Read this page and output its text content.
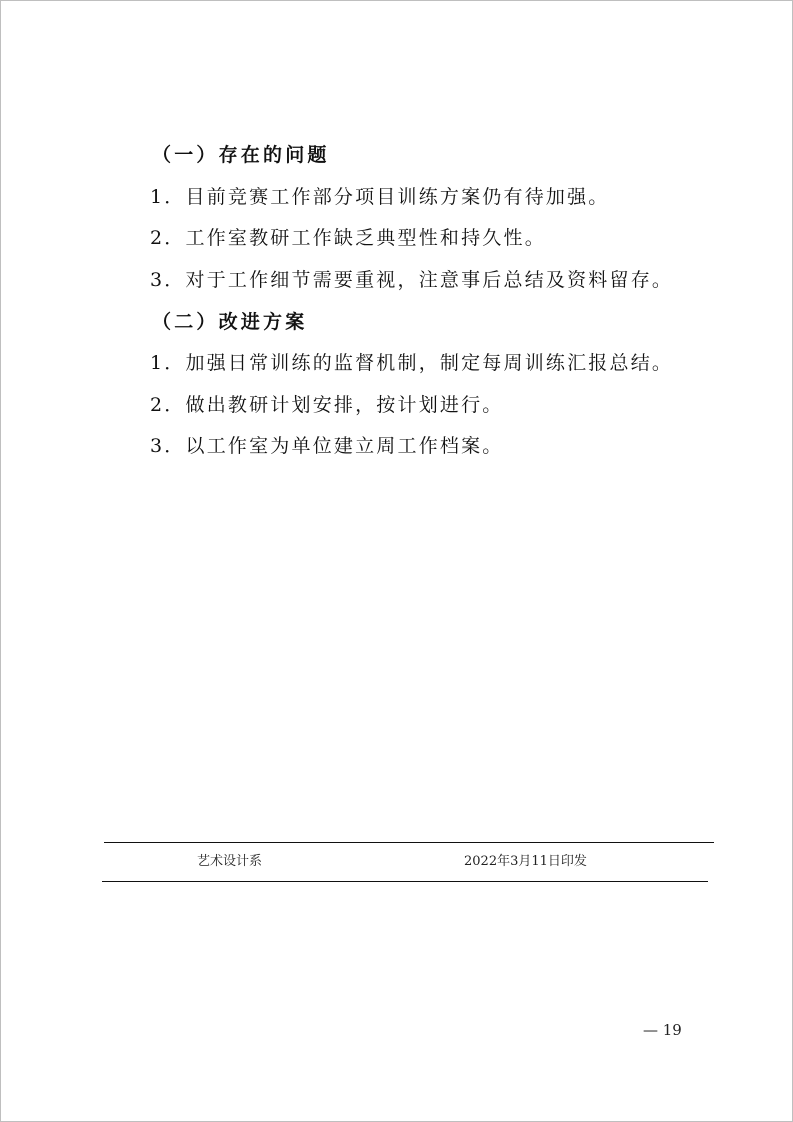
（一）存在的问题
1．目前竞赛工作部分项目训练方案仍有待加强。
2．工作室教研工作缺乏典型性和持久性。
3．对于工作细节需要重视，注意事后总结及资料留存。
（二）改进方案
1．加强日常训练的监督机制，制定每周训练汇报总结。
2．做出教研计划安排，按计划进行。
3．以工作室为单位建立周工作档案。
艺术设计系	2022年3月11日印发
— 19
